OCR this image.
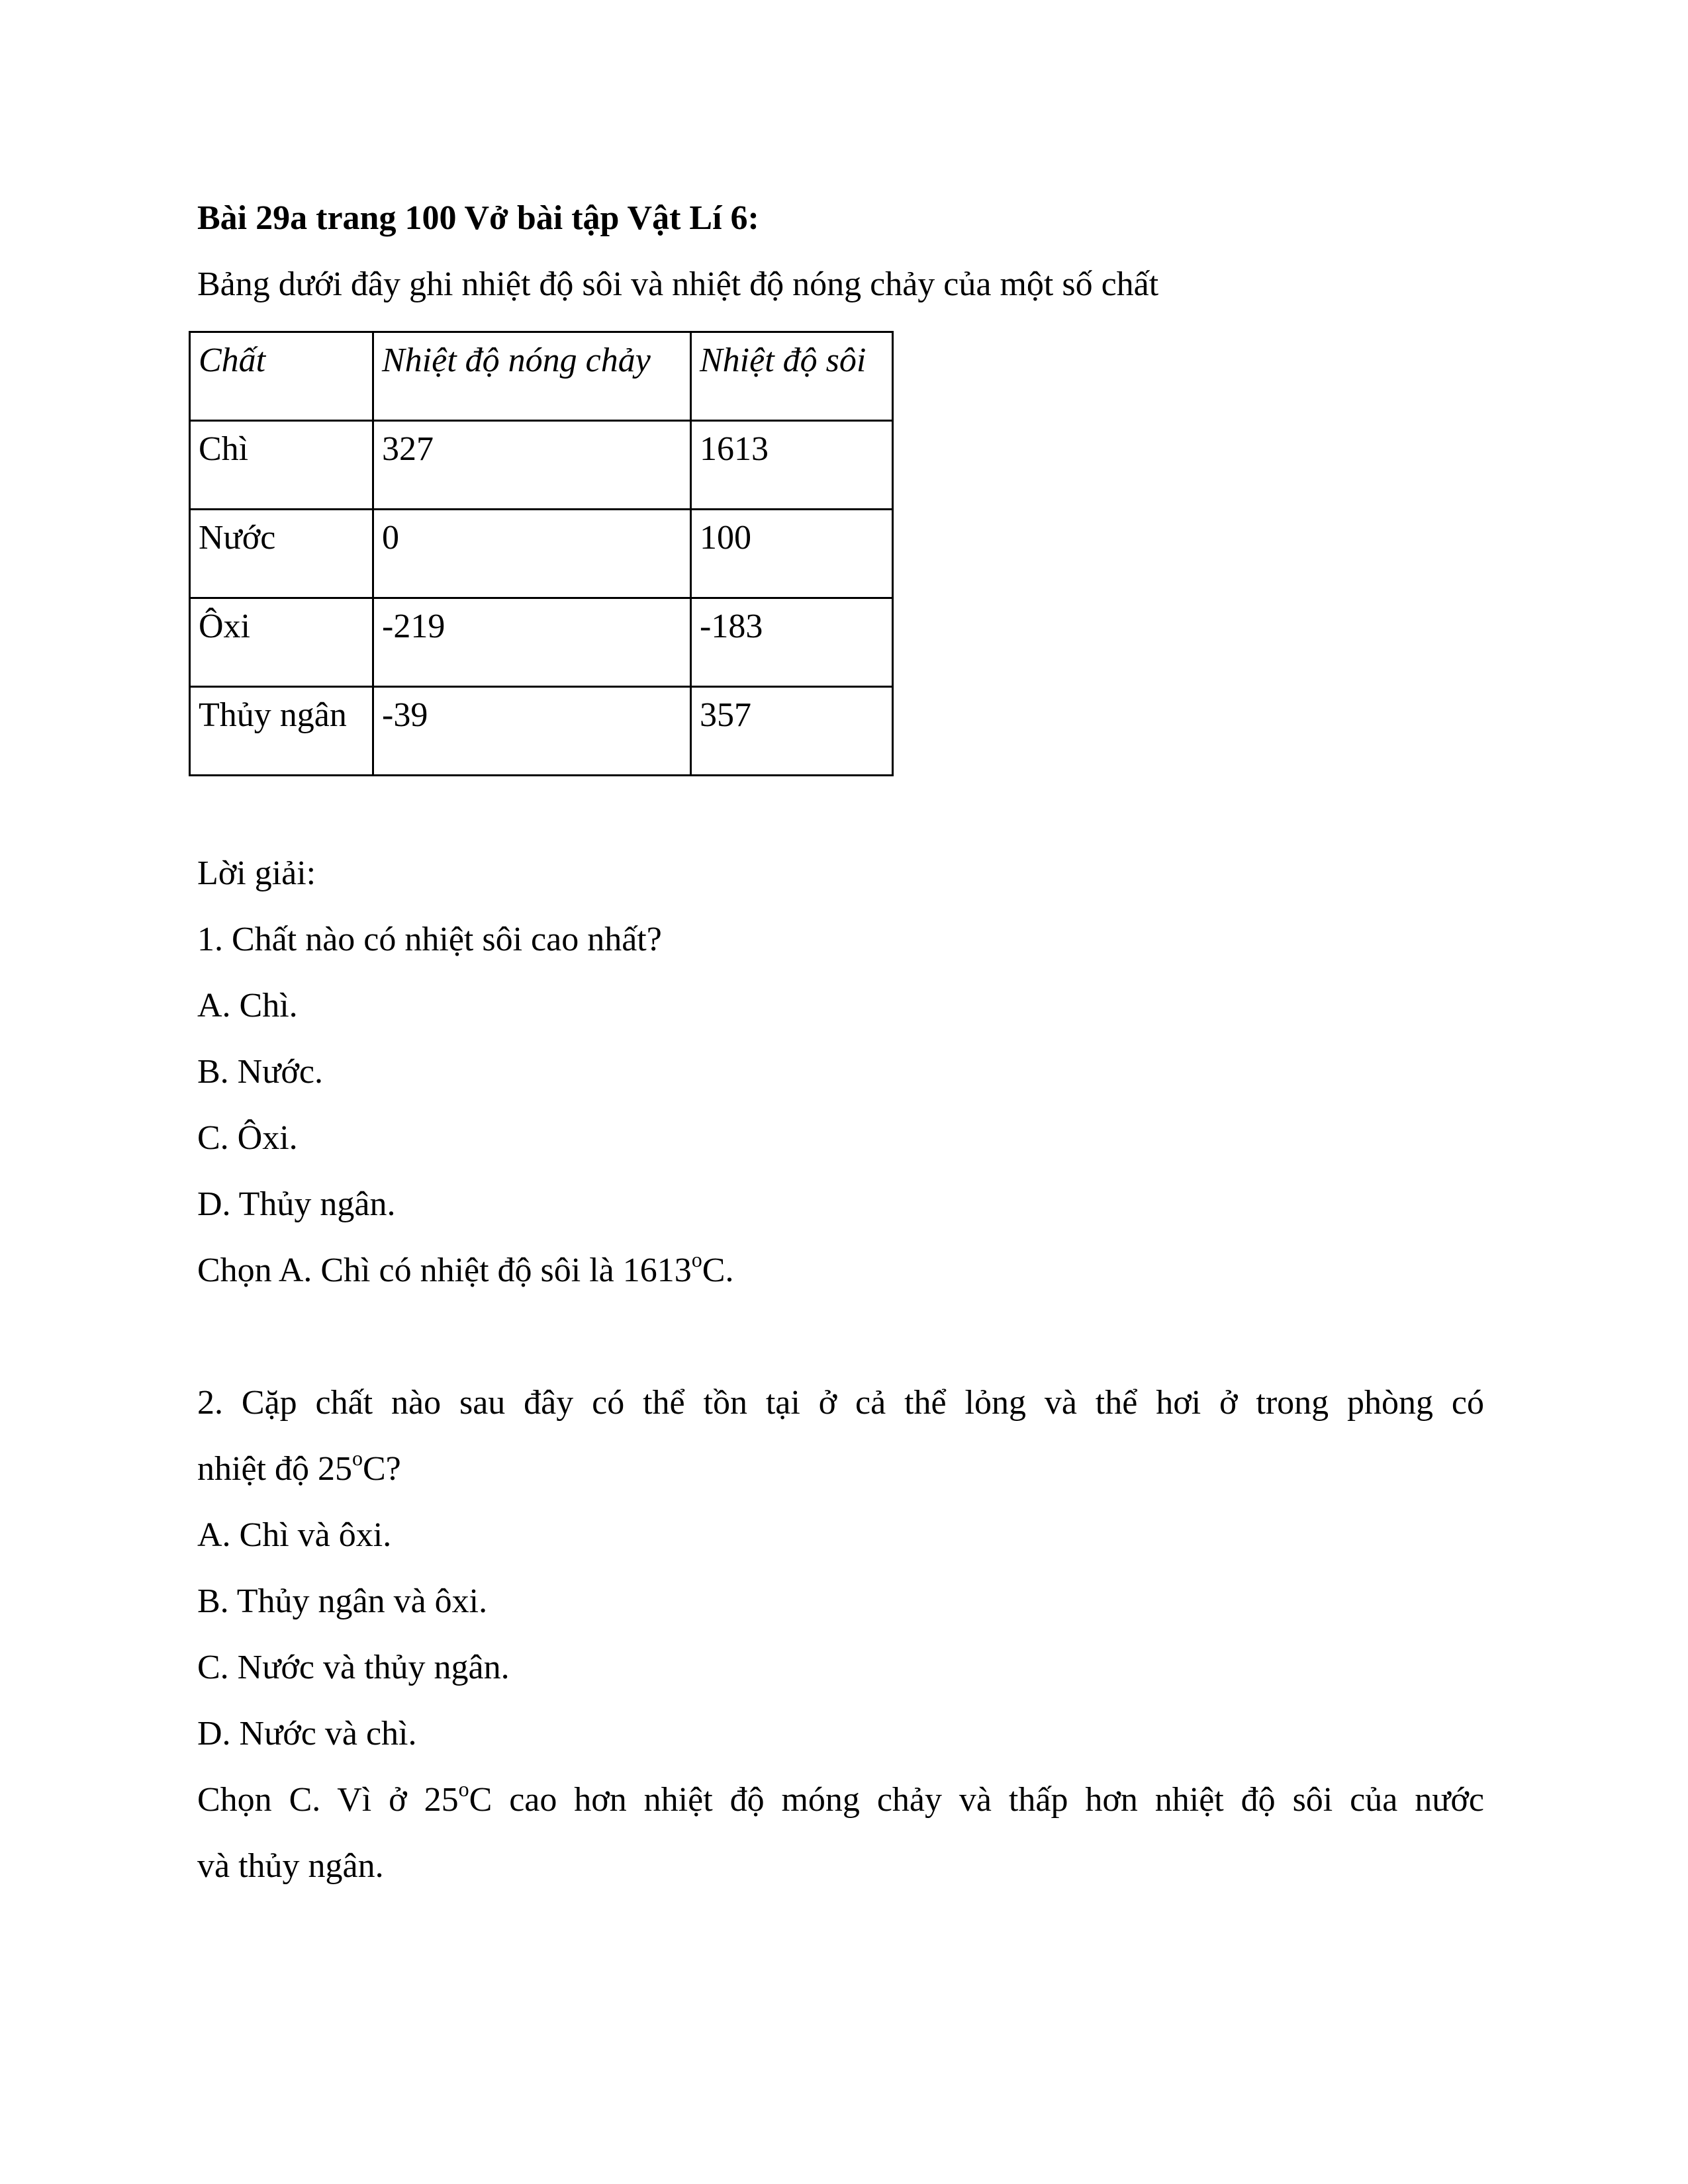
Bài 29a trang 100 Vở bài tập Vật Lí 6:
Bảng dưới đây ghi nhiệt độ sôi và nhiệt độ nóng chảy của một số chất
Chất	Nhiệt độ nóng chảy	Nhiệt độ sôi

Chì	327	1613

Nước	0	100

Ôxi	-219	-183

Thủy ngân	-39	357
Lời giải:
1. Chất nào có nhiệt sôi cao nhất?
A. Chì.
B. Nước.
C. Ôxi.
D. Thủy ngân.
Chọn A. Chì có nhiệt độ sôi là 1613$^o$C.
2. Cặp chất nào sau đây có thể tồn tại ở cả thể lỏng và thể hơi ở trong phòng có
nhiệt độ 25$^o$C?
A. Chì và ôxi.
B. Thủy ngân và ôxi.
C. Nước và thủy ngân.
D. Nước và chì.
Chọn C. Vì ở 25$^o$C cao hơn nhiệt độ móng chảy và thấp hơn nhiệt độ sôi của nước
và thủy ngân.
